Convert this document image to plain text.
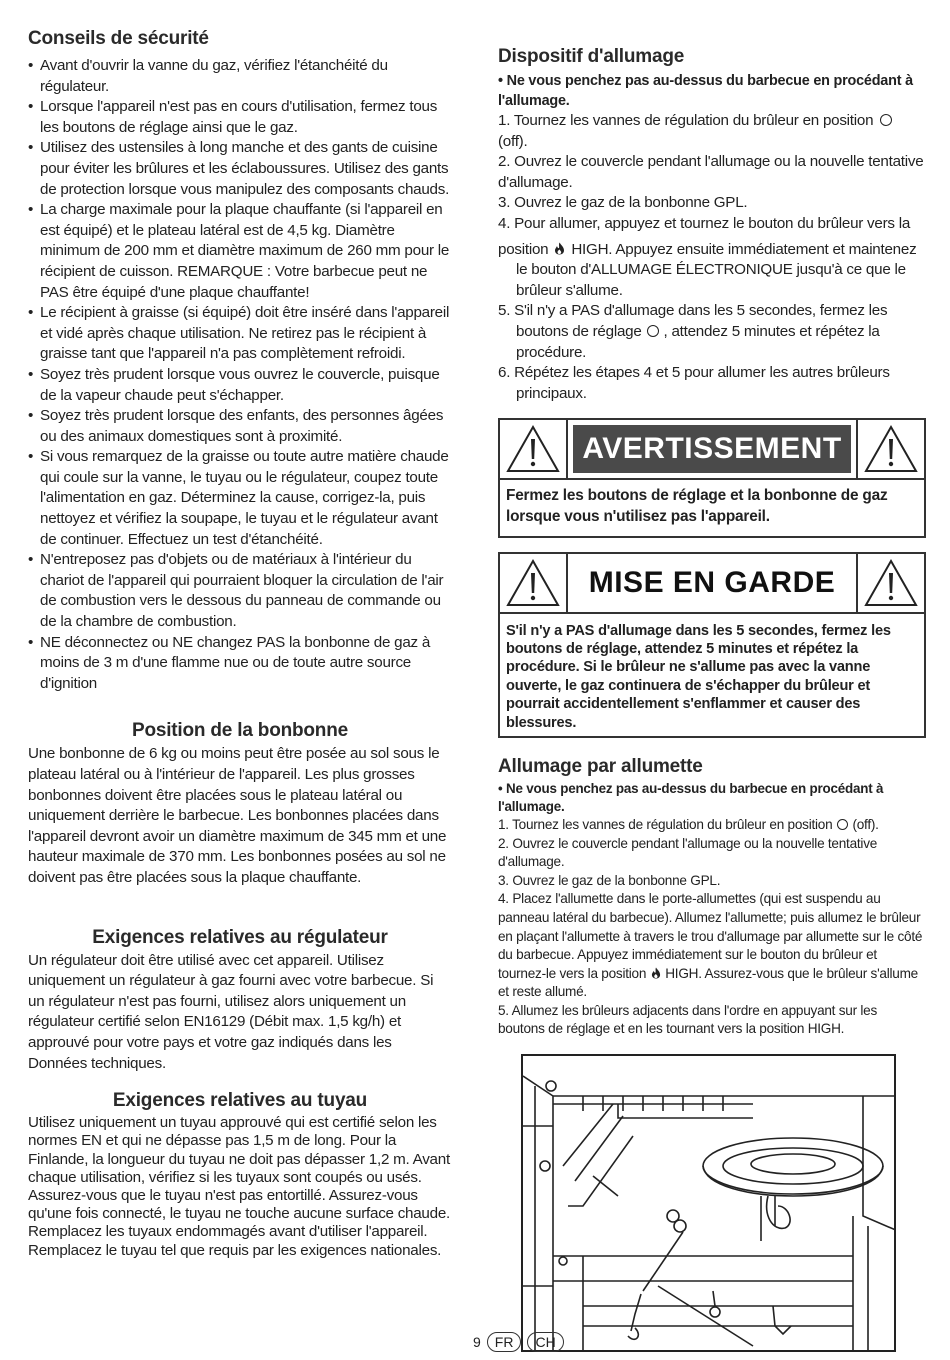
Conseils de sécurité
• Avant d'ouvrir la vanne du gaz, vérifiez l'étanchéité du régulateur.
• Lorsque l'appareil n'est pas en cours d'utilisation, fermez tous les boutons de réglage ainsi que le gaz.
• Utilisez des ustensiles à long manche et des gants de cuisine pour éviter les brûlures et les éclaboussures. Utilisez des gants de protection lorsque vous manipulez des composants chauds.
• La charge maximale pour la plaque chauffante (si l'appareil en est équipé) et le plateau latéral est de 4,5 kg. Diamètre minimum de 200 mm et diamètre maximum de 260 mm pour le récipient de cuisson. REMARQUE : Votre barbecue peut ne PAS être équipé d'une plaque chauffante!
• Le récipient à graisse (si équipé) doit être inséré dans l'appareil et vidé après chaque utilisation. Ne retirez pas le récipient à graisse tant que l'appareil n'a pas complètement refroidi.
• Soyez très prudent lorsque vous ouvrez le couvercle, puisque de la vapeur chaude peut s'échapper.
• Soyez très prudent lorsque des enfants, des personnes âgées ou des animaux domestiques sont à proximité.
• Si vous remarquez de la graisse ou toute autre matière chaude qui coule sur la vanne, le tuyau ou le régulateur, coupez toute l'alimentation en gaz. Déterminez la cause, corrigez-la, puis nettoyez et vérifiez la soupape, le tuyau et le régulateur avant de continuer. Effectuez un test d'étanchéité.
• N'entreposez pas d'objets ou de matériaux à l'intérieur du chariot de l'appareil qui pourraient bloquer la circulation de l'air de combustion vers le dessous du panneau de commande ou de la chambre de combustion.
• NE déconnectez ou NE changez PAS la bonbonne de gaz à moins de 3 m d'une flamme nue ou de toute autre source d'ignition
Position de la bonbonne

Une bonbonne de 6 kg ou moins peut être posée au sol sous le plateau latéral ou à l'intérieur de l'appareil. Les plus grosses bonbonnes doivent être placées sous le plateau latéral ou uniquement derrière le barbecue. Les bonbonnes placées dans l'appareil devront avoir un diamètre maximum de 345 mm et une hauteur maximale de 370 mm. Les bonbonnes posées au sol ne doivent pas être placées sous la plaque chauffante.

Exigences relatives au régulateur

Un régulateur doit être utilisé avec cet appareil. Utilisez uniquement un régulateur à gaz fourni avec votre barbecue. Si un régulateur n'est pas fourni, utilisez alors uniquement un régulateur certifié selon EN16129 (Débit max. 1,5 kg/h) et approuvé pour votre pays et votre gaz indiqués dans les Données techniques.

Exigences relatives au tuyau

Utilisez uniquement un tuyau approuvé qui est certifié selon les normes EN et qui ne dépasse pas 1,5 m de long. Pour la Finlande, la longueur du tuyau ne doit pas dépasser 1,2 m. Avant chaque utilisation, vérifiez si les tuyaux sont coupés ou usés. Assurez-vous que le tuyau n'est pas entortillé. Assurez-vous qu'une fois connecté, le tuyau ne touche aucune surface chaude. Remplacez les tuyaux endommagés avant d'utiliser l'appareil. Remplacez le tuyau tel que requis par les exigences nationales.

Dispositif d'allumage

• Ne vous penchez pas au-dessus du barbecue en procédant à l'allumage.

1. Tournez les vannes de régulation du brûleur en position
(off).
2. Ouvrez le couvercle pendant l'allumage ou la nouvelle tentative d'allumage.
3. Ouvrez le gaz de la bonbonne GPL.
4. Pour allumer, appuyez et tournez le bouton du brûleur vers la
position HIGH. Appuyez ensuite immédiatement et maintenez le bouton d'ALLUMAGE ÉLECTRONIQUE jusqu'à ce que le brûleur s'allume.
5. S'il n'y a PAS d'allumage dans les 5 secondes, fermez les boutons de réglage , attendez 5 minutes et répétez la procédure.
6. Répétez les étapes 4 et 5 pour allumer les autres brûleurs principaux.
AVERTISSEMENT
Fermez les boutons de réglage et la bonbonne de gaz lorsque vous n'utilisez pas l'appareil.
MISE EN GARDE
S'il n'y a PAS d'allumage dans les 5 secondes, fermez les boutons de réglage, attendez 5 minutes et répétez la procédure. Si le brûleur ne s'allume pas avec la vanne ouverte, le gaz continuera de s'échapper du brûleur et pourrait accidentellement s'enflammer et causer des blessures.
Allumage par allumette

• Ne vous penchez pas au-dessus du barbecue en procédant à l'allumage.

1. Tournez les vannes de régulation du brûleur en position (off).

2. Ouvrez le couvercle pendant l'allumage ou la nouvelle tentative d'allumage.

3. Ouvrez le gaz de la bonbonne GPL.

4. Placez l'allumette dans le porte-allumettes (qui est suspendu au panneau latéral du barbecue). Allumez l'allumette; puis allumez le brûleur en plaçant l'allumette à travers le trou d'allumage par allumette sur le côté du barbecue. Appuyez immédiatement sur le bouton du brûleur et tournez-le vers la position HIGH. Assurez-vous que le brûleur s'allume et reste allumé.

5. Allumez les brûleurs adjacents dans l'ordre en appuyant sur les boutons de réglage et en les tournant vers la position HIGH.

9	FR	CH
